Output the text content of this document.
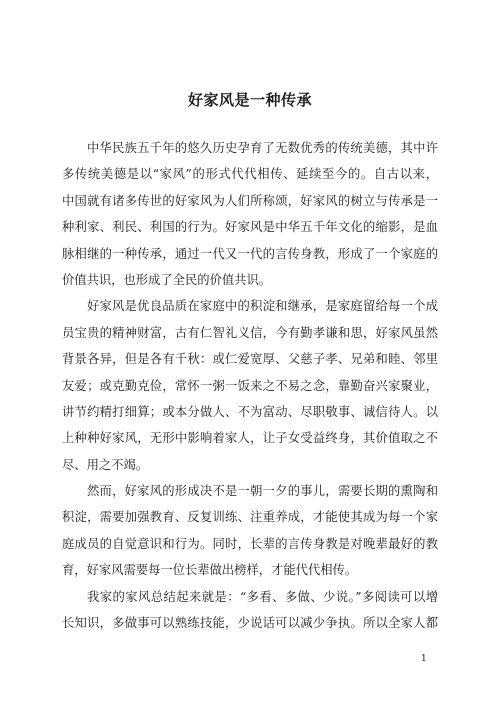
好家风是一种传承
中华民族五千年的悠久历史孕育了无数优秀的传统美德，其中许
多传统美德是以“家风”的形式代代相传、延续至今的。自古以来，
中国就有诸多传世的好家风为人们所称颂，好家风的树立与传承是一
种利家、利民、利国的行为。好家风是中华五千年文化的缩影，是血
脉相继的一种传承，通过一代又一代的言传身教，形成了一个家庭的
价值共识，也形成了全民的价值共识。
好家风是优良品质在家庭中的积淀和继承，是家庭留给每一个成
员宝贵的精神财富，古有仁智礼义信，今有勤孝谦和思，好家风虽然
背景各异，但是各有千秋：或仁爱宽厚、父慈子孝、兄弟和睦、邻里
友爱；或克勤克俭，常怀一粥一饭来之不易之念，靠勤奋兴家聚业，
讲节约精打细算；或本分做人、不为富动、尽职敬事、诚信待人。以
上种种好家风，无形中影响着家人，让子女受益终身，其价值取之不
尽、用之不竭。
然而，好家风的形成决不是一朝一夕的事儿，需要长期的熏陶和
积淀，需要加强教育、反复训练、注重养成，才能使其成为每一个家
庭成员的自觉意识和行为。同时，长辈的言传身教是对晚辈最好的教
育，好家风需要每一位长辈做出榜样，才能代代相传。
我家的家风总结起来就是：“多看、多做、少说。”多阅读可以增
长知识，多做事可以熟练技能，少说话可以减少争执。所以全家人都
1
